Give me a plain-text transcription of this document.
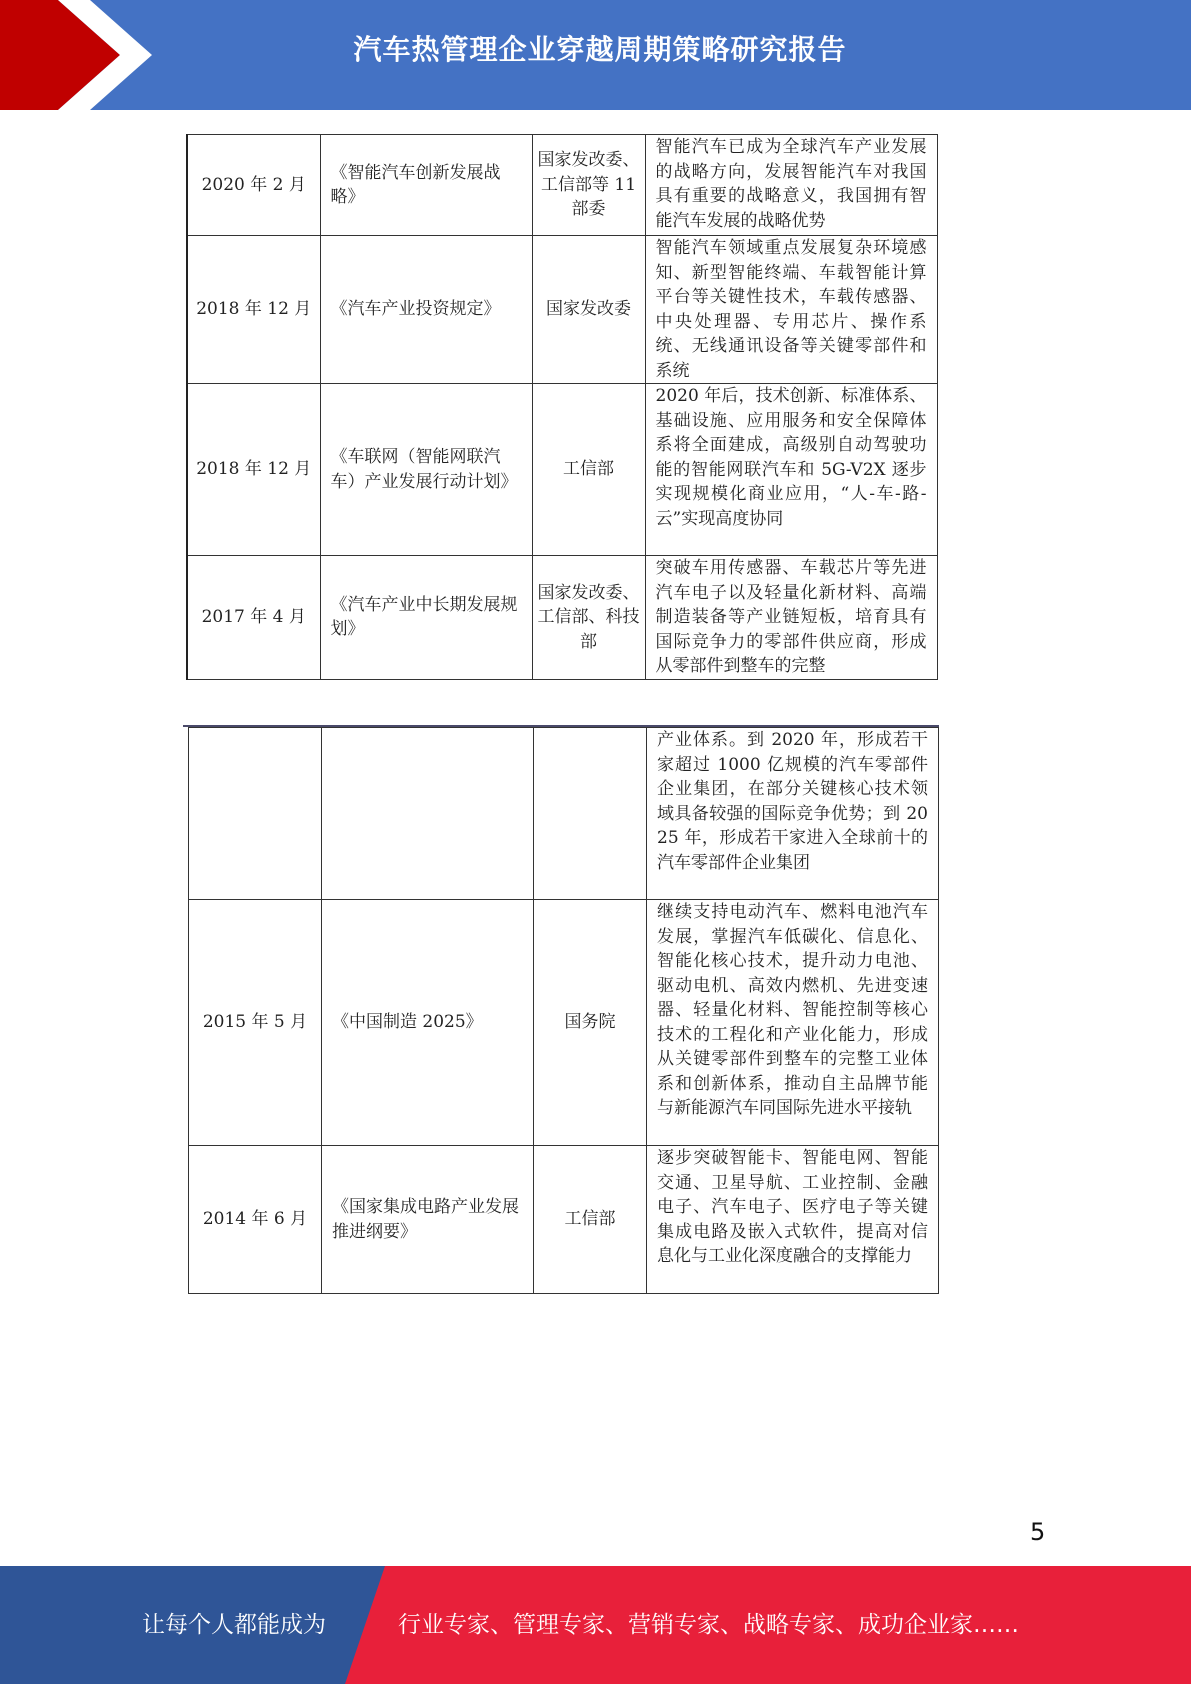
汽车热管理企业穿越周期策略研究报告
2020 年 2 月	《智能汽车创新发展战略》	国家发改委、工信部等 11 部委	智能汽车已成为全球汽车产业发展的战略方向，发展智能汽车对我国具有重要的战略意义，我国拥有智能汽车发展的战略优势
2018 年 12 月	《汽车产业投资规定》	国家发改委	智能汽车领域重点发展复杂环境感知、新型智能终端、车载智能计算平台等关键性技术，车载传感器、中央处理器、专用芯片、操作系统、无线通讯设备等关键零部件和系统
2018 年 12 月	《车联网（智能网联汽车）产业发展行动计划》	工信部	2020 年后，技术创新、标准体系、基础设施、应用服务和安全保障体系将全面建成，高级别自动驾驶功能的智能网联汽车和 5G-V2X 逐步实现规模化商业应用，“人-车-路-云”实现高度协同
2017 年 4 月	《汽车产业中长期发展规划》	国家发改委、工信部、科技部	突破车用传感器、车载芯片等先进汽车电子以及轻量化新材料、高端制造装备等产业链短板，培育具有国际竞争力的零部件供应商，形成从零部件到整车的完整
			产业体系。到 2020 年，形成若干家超过 1000 亿规模的汽车零部件企业集团，在部分关键核心技术领域具备较强的国际竞争优势；到 2025 年，形成若干家进入全球前十的汽车零部件企业集团
2015 年 5 月	《中国制造 2025》	国务院	继续支持电动汽车、燃料电池汽车发展，掌握汽车低碳化、信息化、智能化核心技术，提升动力电池、驱动电机、高效内燃机、先进变速器、轻量化材料、智能控制等核心技术的工程化和产业化能力，形成从关键零部件到整车的完整工业体系和创新体系，推动自主品牌节能与新能源汽车同国际先进水平接轨
2014 年 6 月	《国家集成电路产业发展推进纲要》	工信部	逐步突破智能卡、智能电网、智能交通、卫星导航、工业控制、金融电子、汽车电子、医疗电子等关键集成电路及嵌入式软件，提高对信息化与工业化深度融合的支撑能力
5
让每个人都能成为	行业专家、管理专家、营销专家、战略专家、成功企业家……
